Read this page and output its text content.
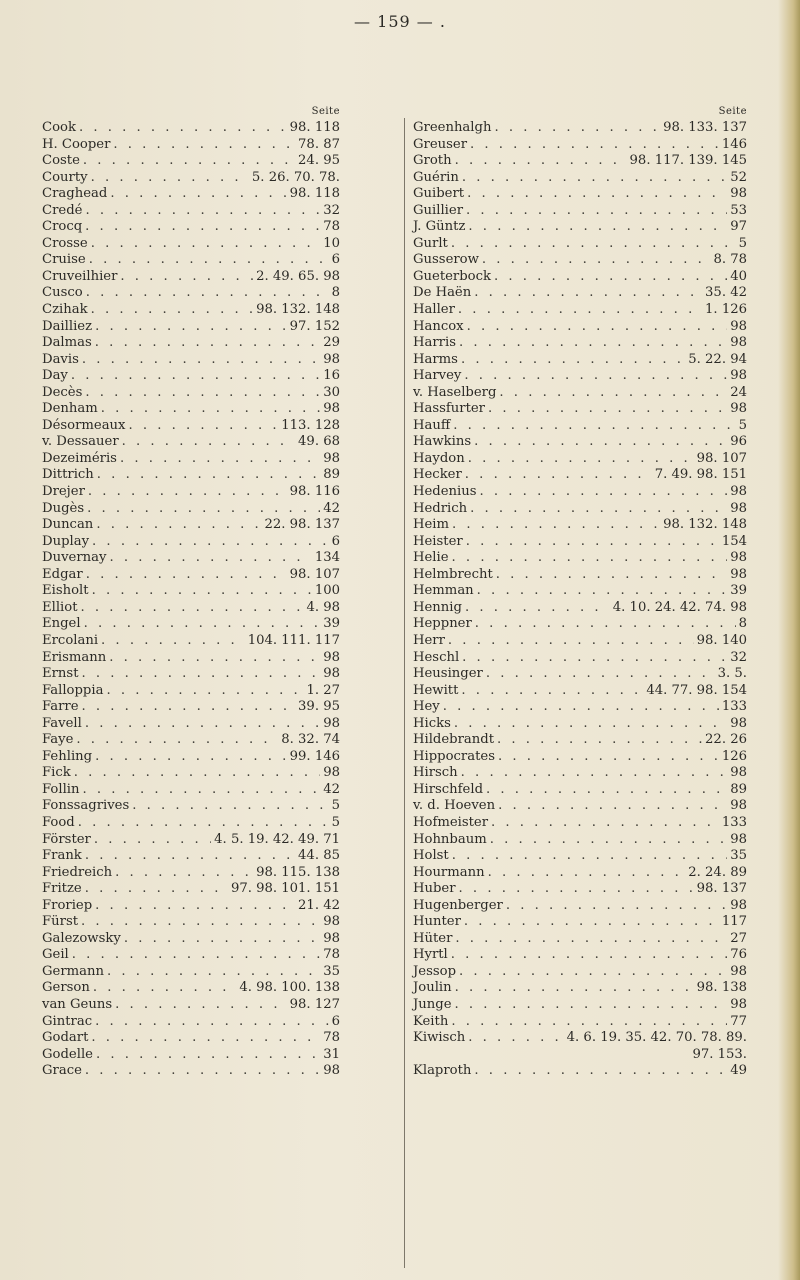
— 159 — .
Seite
Cook . . .	98. 118
H. Cooper . . .	78. 87
Coste . . .	24. 95
Courty . . .	5. 26. 70. 78.
Craghead . . .	98. 118
Credé . . .	32
Crocq . . .	78
Crosse . . .	10
Cruise . . .	6
Cruveilhier . . .	2. 49. 65. 98
Cusco . . .	8
Czihak . . .	98. 132. 148
Dailliez . . .	97. 152
Dalmas . . .	29
Davis . . .	98
Day . . .	16
Decès . . .	30
Denham . . .	98
Désormeaux . . .	113. 128
v. Dessauer . . .	49. 68
Dezeiméris . . .	98
Dittrich . . .	89
Drejer . . .	98. 116
Dugès . . .	42
Duncan . . .	22. 98. 137
Duplay . . .	6
Duvernay . . .	134
Edgar . . .	98. 107
Eisholt . . .	100
Elliot . . .	4. 98
Engel . . .	39
Ercolani . . .	104. 111. 117
Erismann . . .	98
Ernst . . .	98
Falloppia . . .	1. 27
Farre . . .	39. 95
Favell . . .	98
Faye . . .	8. 32. 74
Fehling . . .	99. 146
Fick . . .	98
Follin . . .	42
Fonssagrives . . .	5
Food . . .	5
Förster . . .	4. 5. 19. 42. 49. 71
Frank . . .	44. 85
Friedreich . . .	98. 115. 138
Fritze . . .	97. 98. 101. 151
Froriep . . .	21. 42
Fürst . . .	98
Galezowsky . . .	98
Geil . . .	78
Germann . . .	35
Gerson . . .	4. 98. 100. 138
van Geuns . . .	98. 127
Gintrac . . .	6
Godart . . .	78
Godelle . . .	31
Grace . . .	98
Seite
Greenhalgh . . .	98. 133. 137
Greuser . . .	146
Groth . . .	98. 117. 139. 145
Guérin . . .	52
Guibert . . .	98
Guillier . . .	53
J. Güntz . . .	97
Gurlt . . .	5
Gusserow . . .	8. 78
Gueterbock . . .	40
De Haën . . .	35. 42
Haller . . .	1. 126
Hancox . . .	98
Harris . . .	98
Harms . . .	5. 22. 94
Harvey . . .	98
v. Haselberg . . .	24
Hassfurter . . .	98
Hauff . . .	5
Hawkins . . .	96
Haydon . . .	98. 107
Hecker . . .	7. 49. 98. 151
Hedenius . . .	98
Hedrich . . .	98
Heim . . .	98. 132. 148
Heister . . .	154
Helie . . .	98
Helmbrecht . . .	98
Hemman . . .	39
Hennig . . .	4. 10. 24. 42. 74. 98
Heppner . . .	8
Herr . . .	98. 140
Heschl . . .	32
Heusinger . . .	3. 5.
Hewitt . . .	44. 77. 98. 154
Hey . . .	133
Hicks . . .	98
Hildebrandt . . .	22. 26
Hippocrates . . .	126
Hirsch . . .	98
Hirschfeld . . .	89
v. d. Hoeven . . .	98
Hofmeister . . .	133
Hohnbaum . . .	98
Holst . . .	35
Hourmann . . .	2. 24. 89
Huber . . .	98. 137
Hugenberger . . .	98
Hunter . . .	117
Hüter . . .	27
Hyrtl . . .	76
Jessop . . .	98
Joulin . . .	98. 138
Junge . . .	98
Keith . . .	77
Kiwisch . . .	4. 6. 19. 35. 42. 70. 78. 89.
97. 153.
Klaproth . . .	49
